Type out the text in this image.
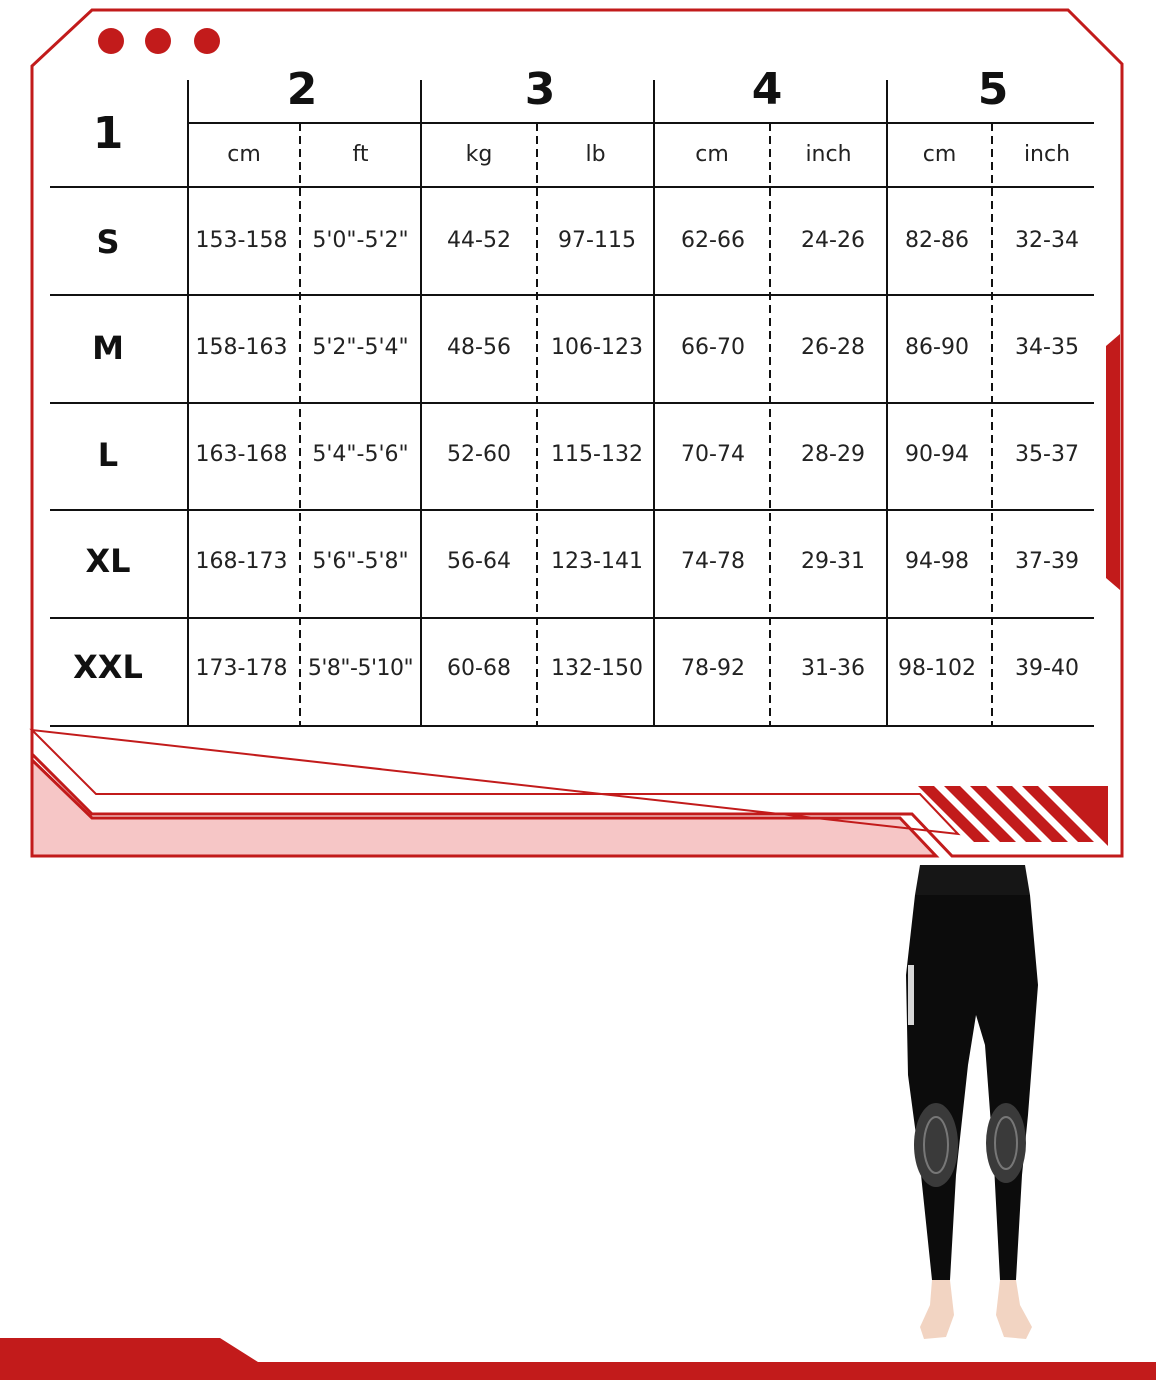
1
2	3	4	5
cm	ft	kg	lb	cm	inch	cm	inch
S	153-158	5'0"-5'2"	44-52	97-115	62-66	24-26	82-86	32-34
M	158-163	5'2"-5'4"	48-56	106-123	66-70	26-28	86-90	34-35
L	163-168	5'4"-5'6"	52-60	115-132	70-74	28-29	90-94	35-37
XL	168-173	5'6"-5'8"	56-64	123-141	74-78	29-31	94-98	37-39
XXL	173-178 5'8"-5'10"	60-68	132-150	78-92	31-36	98-102	39-40
